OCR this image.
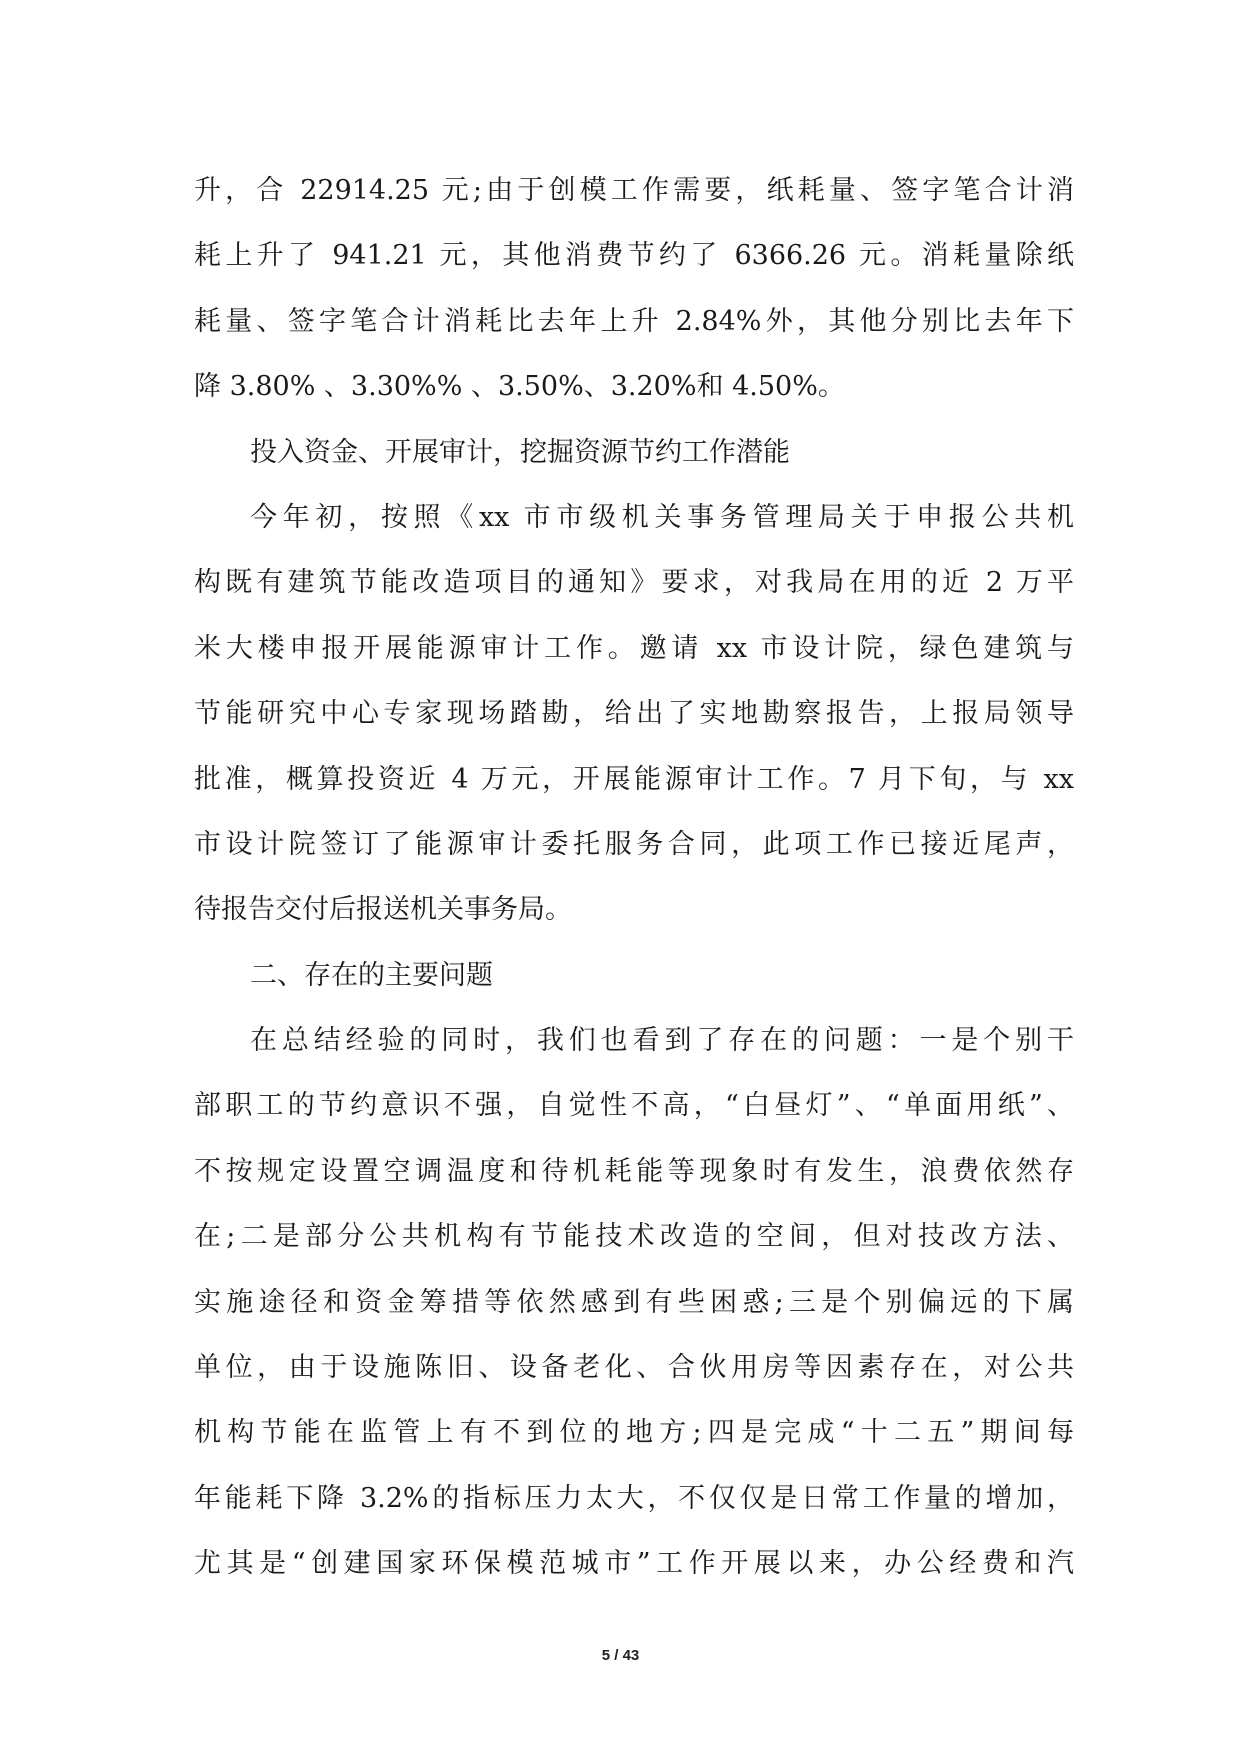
升，合 22914.25 元;由于创模工作需要，纸耗量、签字笔合计消
耗上升了 941.21 元，其他消费节约了 6366.26 元。消耗量除纸
耗量、签字笔合计消耗比去年上升 2.84%外，其他分别比去年下
降 3.80% 、3.30%% 、3.50%、3.20%和 4.50%。
投入资金、开展审计，挖掘资源节约工作潜能
今年初，按照《xx 市市级机关事务管理局关于申报公共机
构既有建筑节能改造项目的通知》要求，对我局在用的近 2 万平
米大楼申报开展能源审计工作。邀请 xx 市设计院，绿色建筑与
节能研究中心专家现场踏勘，给出了实地勘察报告，上报局领导
批准，概算投资近 4 万元，开展能源审计工作。7 月下旬，与 xx
市设计院签订了能源审计委托服务合同，此项工作已接近尾声，
待报告交付后报送机关事务局。
二、存在的主要问题
在总结经验的同时，我们也看到了存在的问题：一是个别干
部职工的节约意识不强，自觉性不高，“白昼灯”、“单面用纸”、
不按规定设置空调温度和待机耗能等现象时有发生，浪费依然存
在;二是部分公共机构有节能技术改造的空间，但对技改方法、
实施途径和资金筹措等依然感到有些困惑;三是个别偏远的下属
单位，由于设施陈旧、设备老化、合伙用房等因素存在，对公共
机构节能在监管上有不到位的地方;四是完成“十二五”期间每
年能耗下降 3.2%的指标压力太大，不仅仅是日常工作量的增加，
尤其是“创建国家环保模范城市”工作开展以来，办公经费和汽
5 / 43
